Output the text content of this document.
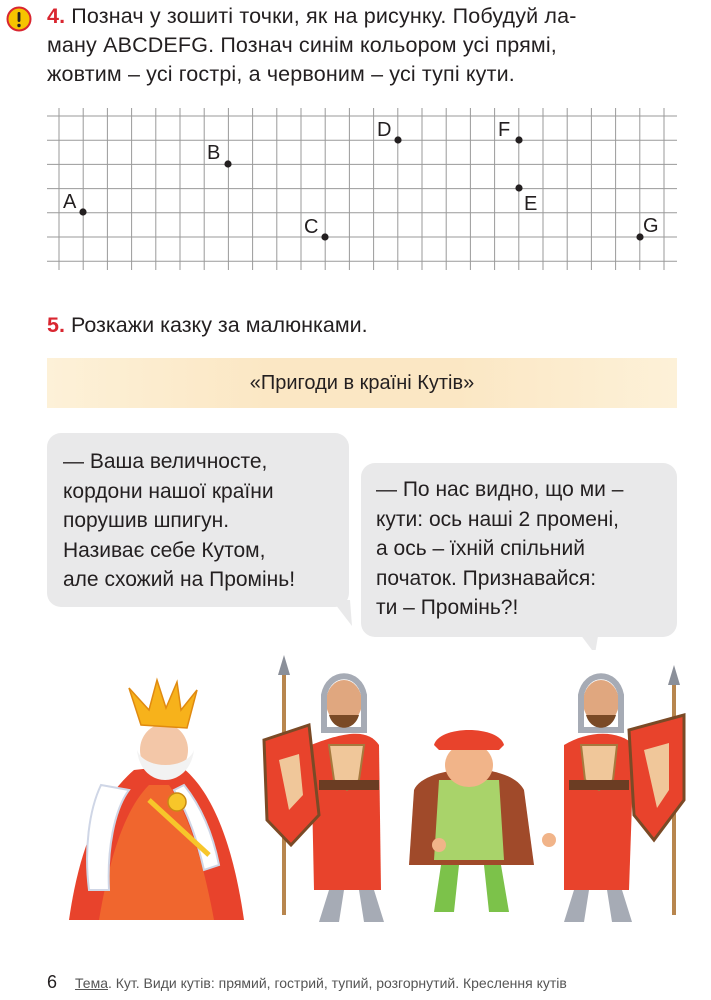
4. Познач у зошиті точки, як на рисунку. Побудуй ла-
ману ABCDEFG. Познач синім кольором усі прямі,
жовтим – усі гострі, а червоним – усі тупі кути.
A
B
C
D
E
F
G
5. Розкажи казку за малюнками.
«Пригоди в країні Кутів»

— Ваша величносте,

кордони нашої країни

порушив шпигун.

Називає себе Кутом,

але схожий на Промінь!

— По нас видно, що ми –

кути: ось наші 2 промені,

а ось – їхній спільний

початок. Признавайся:

ти – Промінь?!

6 Тема. Кут. Види кутів: прямий, гострий, тупий, розгорнутий. Креслення кутів
